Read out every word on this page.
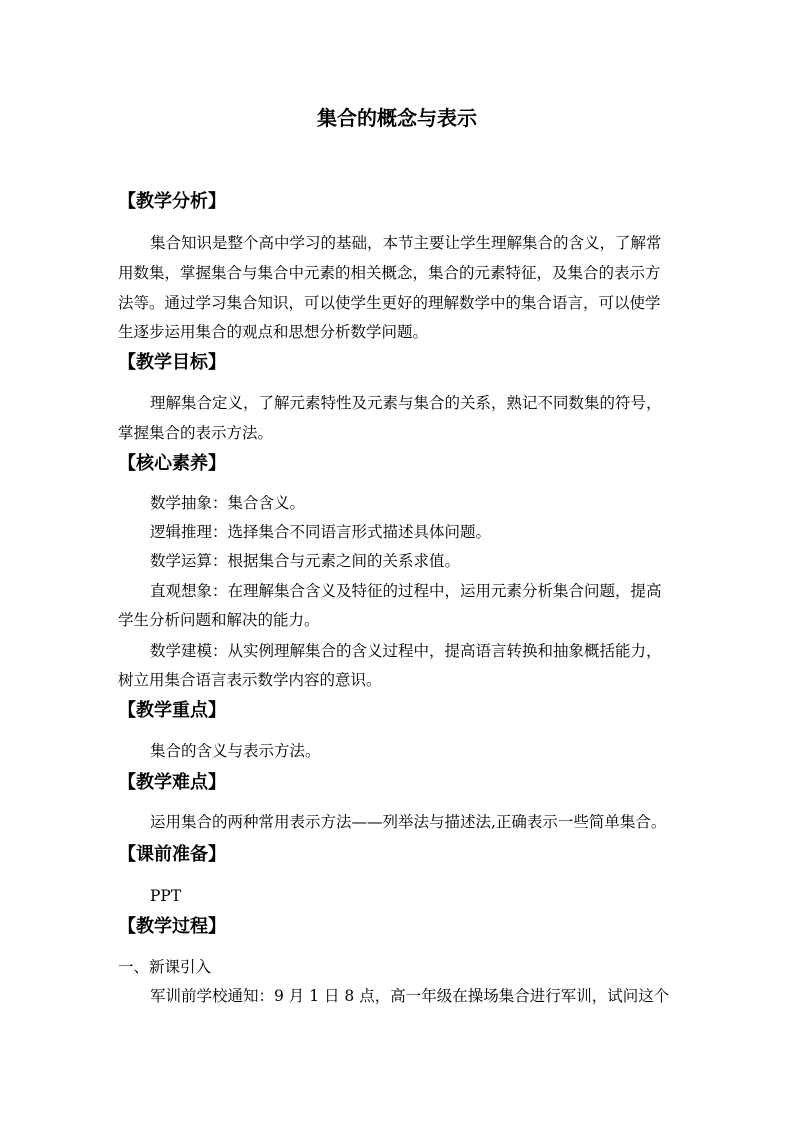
集合的概念与表示
【教学分析】
集合知识是整个高中学习的基础，本节主要让学生理解集合的含义，了解常
用数集，掌握集合与集合中元素的相关概念，集合的元素特征，及集合的表示方
法等。通过学习集合知识，可以使学生更好的理解数学中的集合语言，可以使学
生逐步运用集合的观点和思想分析数学问题。
【教学目标】
理解集合定义，了解元素特性及元素与集合的关系，熟记不同数集的符号，
掌握集合的表示方法。
【核心素养】
数学抽象：集合含义。
逻辑推理：选择集合不同语言形式描述具体问题。
数学运算：根据集合与元素之间的关系求值。
直观想象：在理解集合含义及特征的过程中，运用元素分析集合问题，提高
学生分析问题和解决的能力。
数学建模：从实例理解集合的含义过程中，提高语言转换和抽象概括能力，
树立用集合语言表示数学内容的意识。
【教学重点】
集合的含义与表示方法。
【教学难点】
运用集合的两种常用表示方法——列举法与描述法,正确表示一些简单集合。
【课前准备】
PPT
【教学过程】
一、新课引入
军训前学校通知：9 月 1 日 8 点，高一年级在操场集合进行军训，试问这个
